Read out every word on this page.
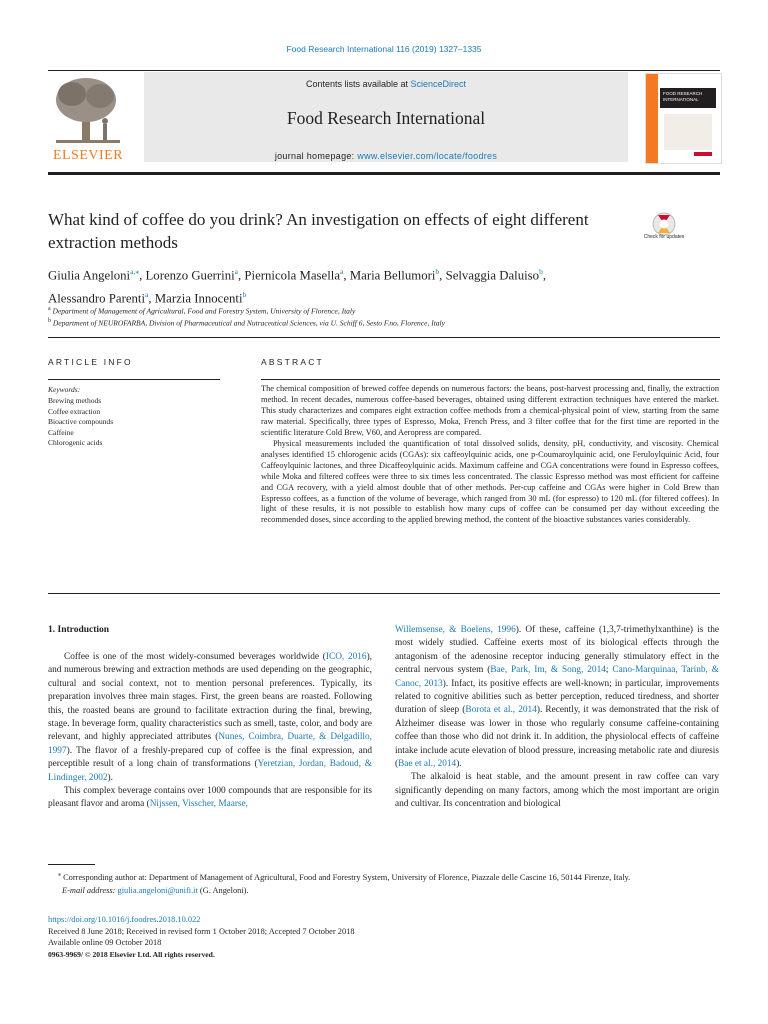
Food Research International 116 (2019) 1327–1335
ELSEVIER
Contents lists available at ScienceDirect
Food Research International
journal homepage: www.elsevier.com/locate/foodres
FOOD RESEARCH INTERNATIONAL
What kind of coffee do you drink? An investigation on effects of eight different extraction methods	Check for updates
Giulia Angeloni$^{a,⁎}$, Lorenzo Guerrini$^a$, Piernicola Masella$^a$, Maria Bellumori$^b$, Selvaggia Daluiso$^b$,
Alessandro Parenti$^a$, Marzia Innocenti$^b$
$^a$ Department of Management of Agricultural, Food and Forestry System, University of Florence, Italy
$^b$ Department of NEUROFARBA, Division of Pharmaceutical and Nutraceutical Sciences, via U. Schiff 6, Sesto F.no, Florence, Italy
ARTICLE INFO
Keywords:
Brewing methods
Coffee extraction
Bioactive compounds
Caffeine
Chlorogenic acids
ABSTRACT

The chemical composition of brewed coffee depends on numerous factors: the beans, post-harvest processing and, finally, the extraction method. In recent decades, numerous coffee-based beverages, obtained using different extraction techniques have entered the market. This study characterizes and compares eight extraction coffee methods from a chemical-physical point of view, starting from the same raw material. Specifically, three types of Espresso, Moka, French Press, and 3 filter coffee that for the first time are reported in the scientific literature Cold Brew, V60, and Aeropress are compared.

Physical measurements included the quantification of total dissolved solids, density, pH, conductivity, and viscosity. Chemical analyses identified 15 chlorogenic acids (CGAs): six caffeoylquinic acids, one p-Coumaroylquinic acid, one Feruloylquinic Acid, four Caffeoylquinic lactones, and three Dicaffeoylquinic acids. Maximum caffeine and CGA concentrations were found in Espresso coffees, while Moka and filtered coffees were three to six times less concentrated. The classic Espresso method was most efficient for caffeine and CGA recovery, with a yield almost double that of other methods. Per-cup caffeine and CGAs were higher in Cold Brew than Espresso coffees, as a function of the volume of beverage, which ranged from 30 mL (for espresso) to 120 mL (for filtered coffees). In light of these results, it is not possible to establish how many cups of coffee can be consumed per day without exceeding the recommended doses, since according to the applied brewing method, the content of the bioactive substances varies considerably.

1. Introduction

Coffee is one of the most widely-consumed beverages worldwide (ICO, 2016), and numerous brewing and extraction methods are used depending on the geographic, cultural and social context, not to mention personal preferences. Typically, its preparation involves three main stages. First, the green beans are roasted. Following this, the roasted beans are ground to facilitate extraction during the final, brewing, stage. In beverage form, quality characteristics such as smell, taste, color, and body are relevant, and highly appreciated attributes (Nunes, Coimbra, Duarte, & Delgadillo, 1997). The flavor of a freshly-prepared cup of coffee is the final expression, and perceptible result of a long chain of transformations (Yeretzian, Jordan, Badoud, & Lindinger, 2002).

This complex beverage contains over 1000 compounds that are responsible for its pleasant flavor and aroma (Nijssen, Visscher, Maarse,

Willemsense, & Boelens, 1996). Of these, caffeine (1,3,7-trimethylxanthine) is the most widely studied. Caffeine exerts most of its biological effects through the antagonism of the adenosine receptor inducing generally stimulatory effect in the central nervous system (Bae, Park, Im, & Song, 2014; Cano-Marquinaa, Tarínb, & Canoc, 2013). Infact, its positive effects are well-known; in particular, improvements related to cognitive abilities such as better perception, reduced tiredness, and shorter duration of sleep (Borota et al., 2014). Recently, it was demonstrated that the risk of Alzheimer disease was lower in those who regularly consume caffeine-containing coffee than those who did not drink it. In addition, the physiolocal effects of caffeine intake include acute elevation of blood pressure, increasing metabolic rate and diuresis (Bae et al., 2014).

The alkaloid is heat stable, and the amount present in raw coffee can vary significantly depending on many factors, among which the most important are origin and cultivar. Its concentration and biological

⁎ Corresponding author at: Department of Management of Agricultural, Food and Forestry System, University of Florence, Piazzale delle Cascine 16, 50144 Firenze, Italy.
E-mail address: giulia.angeloni@unifi.it (G. Angeloni).
https://doi.org/10.1016/j.foodres.2018.10.022
Received 8 June 2018; Received in revised form 1 October 2018; Accepted 7 October 2018
Available online 09 October 2018
0963-9969/ © 2018 Elsevier Ltd. All rights reserved.
